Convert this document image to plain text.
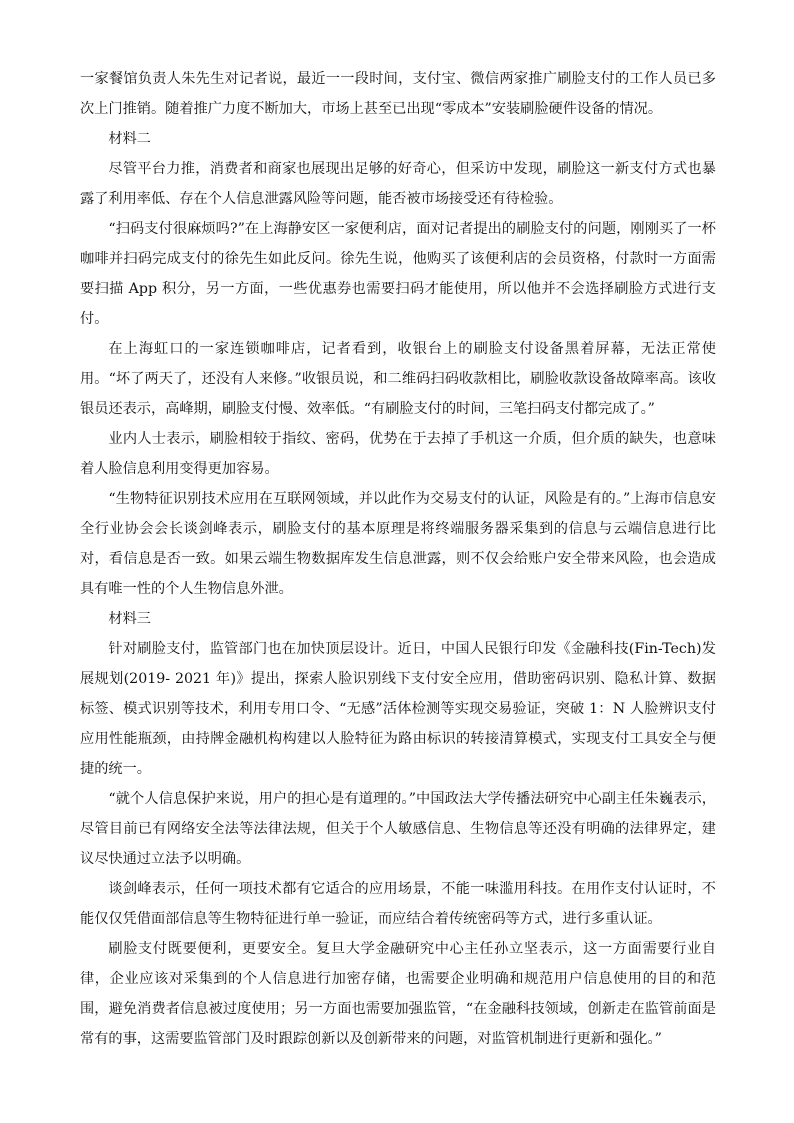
一家餐馆负责人朱先生对记者说，最近一一段时间，支付宝、微信两家推广刷脸支付的工作人员已多次上门推销。随着推广力度不断加大，市场上甚至已出现“零成本”安装刷脸硬件设备的情况。

材料二

尽管平台力推，消费者和商家也展现出足够的好奇心，但采访中发现，刷脸这一新支付方式也暴露了利用率低、存在个人信息泄露风险等问题，能否被市场接受还有待检验。

“扫码支付很麻烦吗?”在上海静安区一家便利店，面对记者提出的刷脸支付的问题，刚刚买了一杯咖啡并扫码完成支付的徐先生如此反问。徐先生说，他购买了该便利店的会员资格，付款时一方面需要扫描 App 积分，另一方面，一些优惠券也需要扫码才能使用，所以他并不会选择刷脸方式进行支付。

在上海虹口的一家连锁咖啡店，记者看到，收银台上的刷脸支付设备黑着屏幕，无法正常使用。“坏了两天了，还没有人来修。”收银员说，和二维码扫码收款相比，刷脸收款设备故障率高。该收银员还表示，高峰期，刷脸支付慢、效率低。“有刷脸支付的时间，三笔扫码支付都完成了。”

业内人士表示，刷脸相较于指纹、密码，优势在于去掉了手机这一介质，但介质的缺失，也意味着人脸信息利用变得更加容易。

“生物特征识别技术应用在互联网领域，并以此作为交易支付的认证，风险是有的。”上海市信息安全行业协会会长谈剑峰表示，刷脸支付的基本原理是将终端服务器采集到的信息与云端信息进行比对，看信息是否一致。如果云端生物数据库发生信息泄露，则不仅会给账户安全带来风险，也会造成具有唯一性的个人生物信息外泄。

材料三

针对刷脸支付，监管部门也在加快顶层设计。近日，中国人民银行印发《金融科技(Fin-Tech)发展规划(2019- 2021 年)》提出，探索人脸识别线下支付安全应用，借助密码识别、隐私计算、数据标签、模式识别等技术，利用专用口令、“无感”活体检测等实现交易验证，突破 1：N 人脸辨识支付应用性能瓶颈，由持牌金融机构构建以人脸特征为路由标识的转接清算模式，实现支付工具安全与便捷的统一。

“就个人信息保护来说，用户的担心是有道理的。”中国政法大学传播法研究中心副主任朱巍表示，尽管目前已有网络安全法等法律法规，但关于个人敏感信息、生物信息等还没有明确的法律界定，建议尽快通过立法予以明确。

谈剑峰表示，任何一项技术都有它适合的应用场景，不能一味滥用科技。在用作支付认证时，不能仅仅凭借面部信息等生物特征进行单一验证，而应结合着传统密码等方式，进行多重认证。

刷脸支付既要便利，更要安全。复旦大学金融研究中心主任孙立坚表示，这一方面需要行业自律，企业应该对采集到的个人信息进行加密存储，也需要企业明确和规范用户信息使用的目的和范围，避免消费者信息被过度使用；另一方面也需要加强监管，“在金融科技领域，创新走在监管前面是常有的事，这需要监管部门及时跟踪创新以及创新带来的问题，对监管机制进行更新和强化。”
